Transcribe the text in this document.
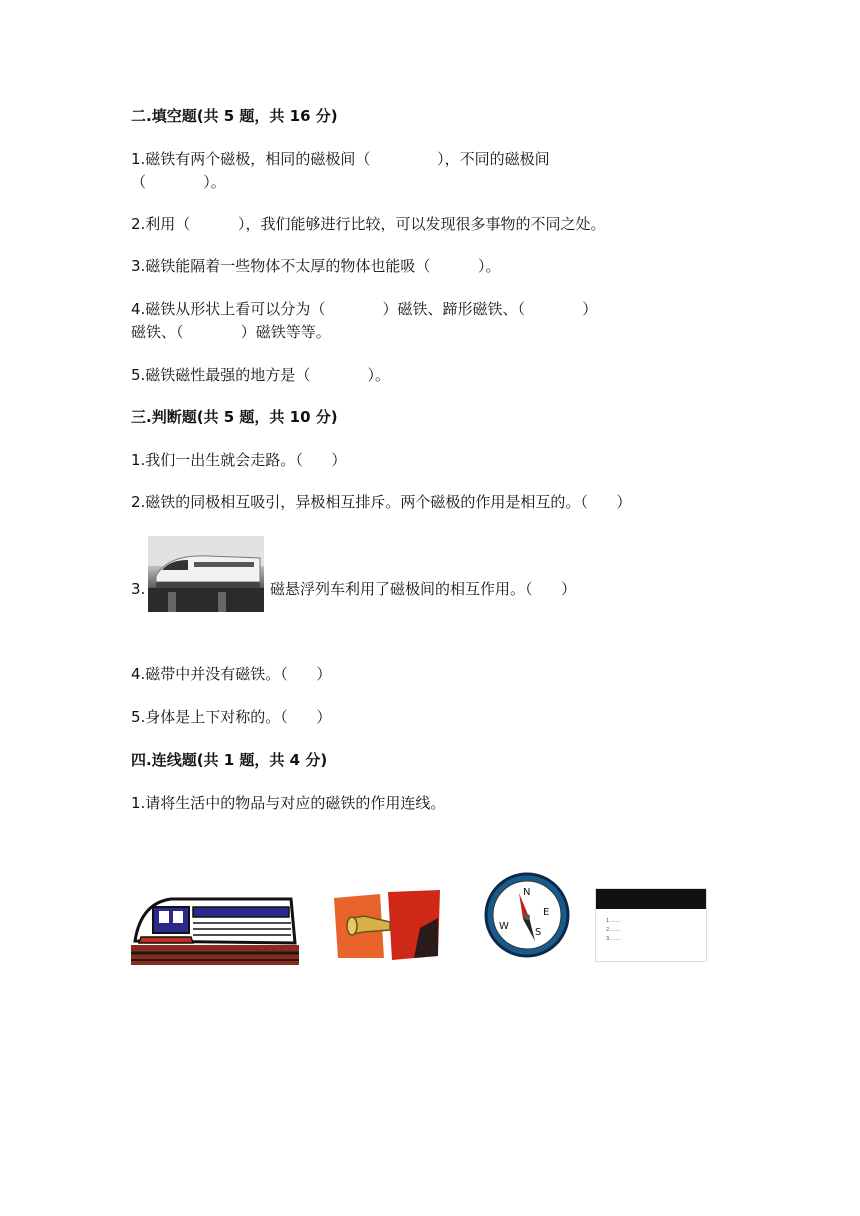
二.填空题(共 5 题，共 16 分)
1.磁铁有两个磁极，相同的磁极间（              ），不同的磁极间
（            ）。
2.利用（          ），我们能够进行比较，可以发现很多事物的不同之处。
3.磁铁能隔着一些物体不太厚的物体也能吸（          ）。
4.磁铁从形状上看可以分为（            ）磁铁、蹄形磁铁、（            ）
磁铁、（            ）磁铁等等。
5.磁铁磁性最强的地方是（            ）。
三.判断题(共 5 题，共 10 分)
1.我们一出生就会走路。（      ）
2.磁铁的同极相互吸引，异极相互排斥。两个磁极的作用是相互的。（      ）
3.	磁悬浮列车利用了磁极间的相互作用。（      ）
4.磁带中并没有磁铁。（      ）
5.身体是上下对称的。（      ）
四.连线题(共 1 题，共 4 分)
1.请将生活中的物品与对应的磁铁的作用连线。
N
E
S
W	1.……
2.……
3.……
